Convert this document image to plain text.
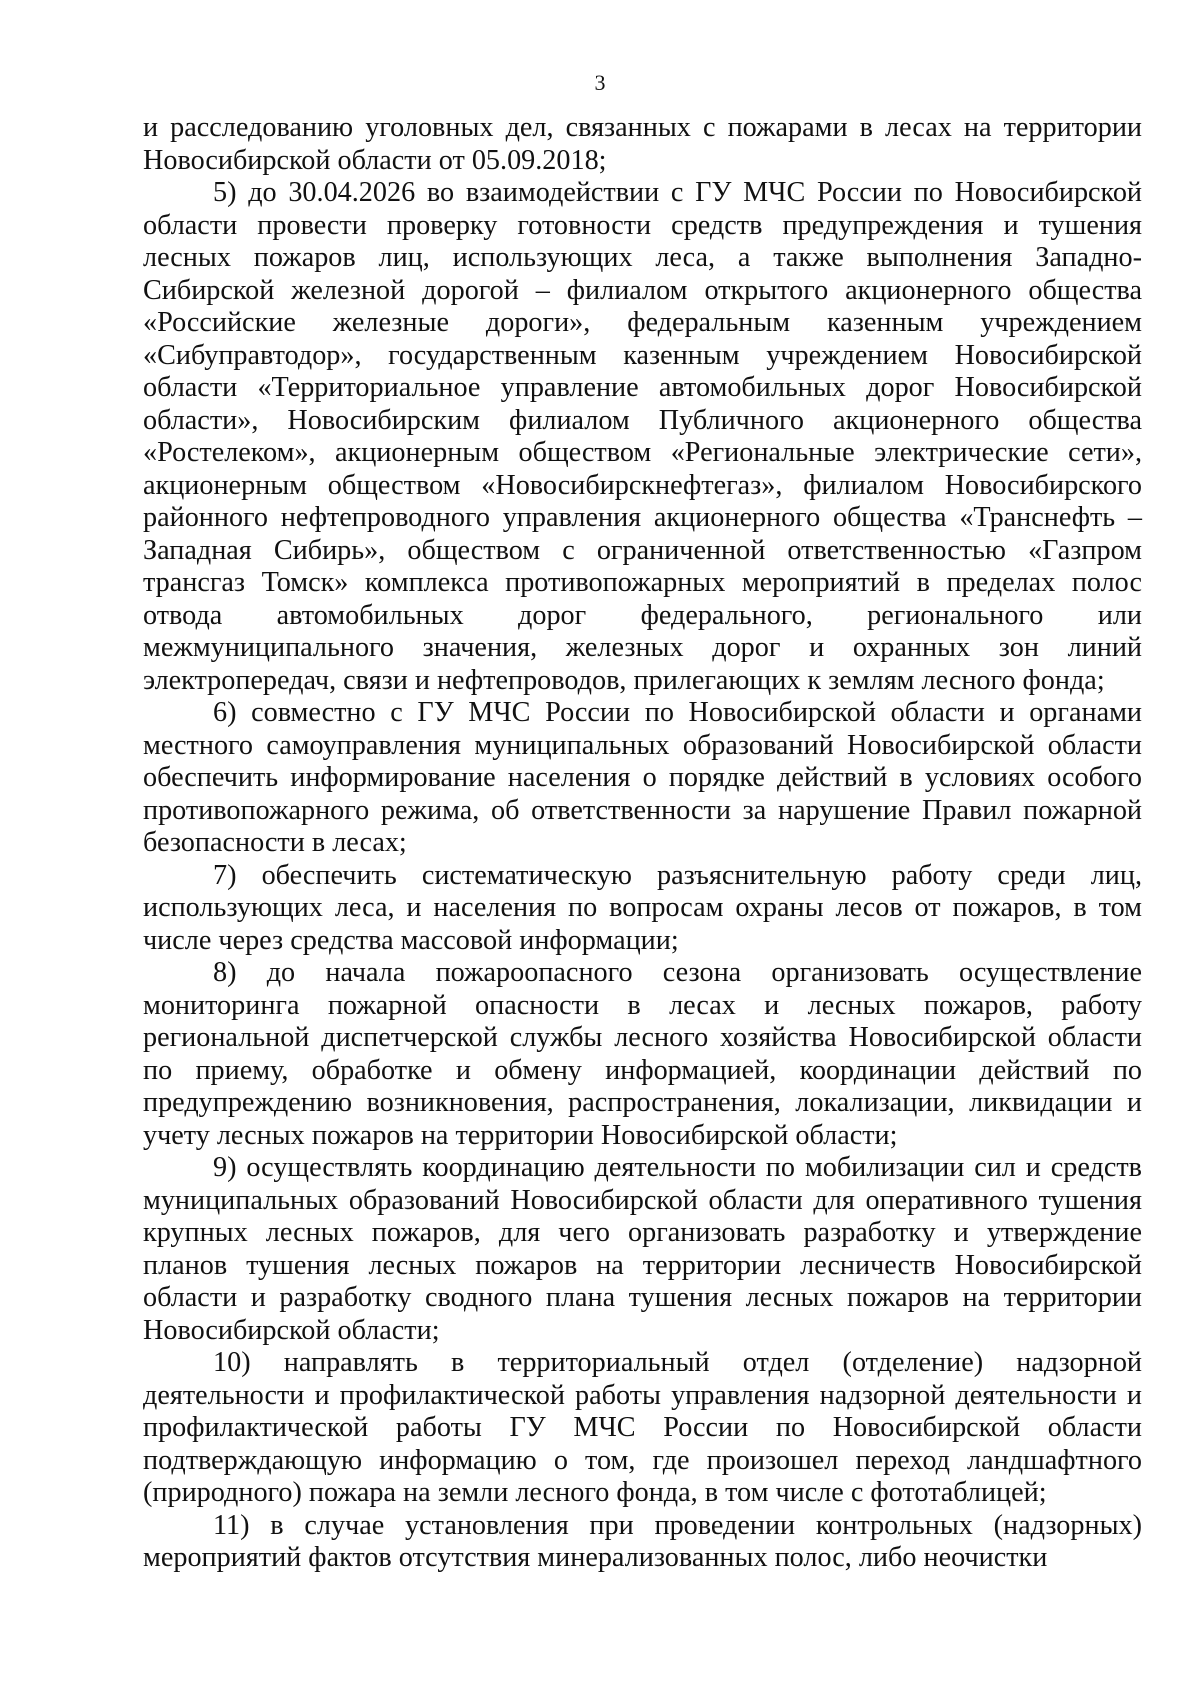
3

и расследованию уголовных дел, связанных с пожарами в лесах на территории Новосибирской области от 05.09.2018;

5) до 30.04.2026 во взаимодействии с ГУ МЧС России по Новосибирской области провести проверку готовности средств предупреждения и тушения лесных пожаров лиц, использующих леса, а также выполнения Западно-Сибирской железной дорогой – филиалом открытого акционерного общества «Российские железные дороги», федеральным казенным учреждением «Сибуправтодор», государственным казенным учреждением Новосибирской области «Территориальное управление автомобильных дорог Новосибирской области», Новосибирским филиалом Публичного акционерного общества «Ростелеком», акционерным обществом «Региональные электрические сети», акционерным обществом «Новосибирскнефтегаз», филиалом Новосибирского районного нефтепроводного управления акционерного общества «Транснефть – Западная Сибирь», обществом с ограниченной ответственностью «Газпром трансгаз Томск» комплекса противопожарных мероприятий в пределах полос отвода автомобильных дорог федерального, регионального или межмуниципального значения, железных дорог и охранных зон линий электропередач, связи и нефтепроводов, прилегающих к землям лесного фонда;

6) совместно с ГУ МЧС России по Новосибирской области и органами местного самоуправления муниципальных образований Новосибирской области обеспечить информирование населения о порядке действий в условиях особого противопожарного режима, об ответственности за нарушение Правил пожарной безопасности в лесах;

7) обеспечить систематическую разъяснительную работу среди лиц, использующих леса, и населения по вопросам охраны лесов от пожаров, в том числе через средства массовой информации;

8) до начала пожароопасного сезона организовать осуществление мониторинга пожарной опасности в лесах и лесных пожаров, работу региональной диспетчерской службы лесного хозяйства Новосибирской области по приему, обработке и обмену информацией, координации действий по предупреждению возникновения, распространения, локализации, ликвидации и учету лесных пожаров на территории Новосибирской области;

9) осуществлять координацию деятельности по мобилизации сил и средств муниципальных образований Новосибирской области для оперативного тушения крупных лесных пожаров, для чего организовать разработку и утверждение планов тушения лесных пожаров на территории лесничеств Новосибирской области и разработку сводного плана тушения лесных пожаров на территории Новосибирской области;

10) направлять в территориальный отдел (отделение) надзорной деятельности и профилактической работы управления надзорной деятельности и профилактической работы ГУ МЧС России по Новосибирской области подтверждающую информацию о том, где произошел переход ландшафтного (природного) пожара на земли лесного фонда, в том числе с фототаблицей;

11) в случае установления при проведении контрольных (надзорных) мероприятий фактов отсутствия минерализованных полос, либо неочистки
